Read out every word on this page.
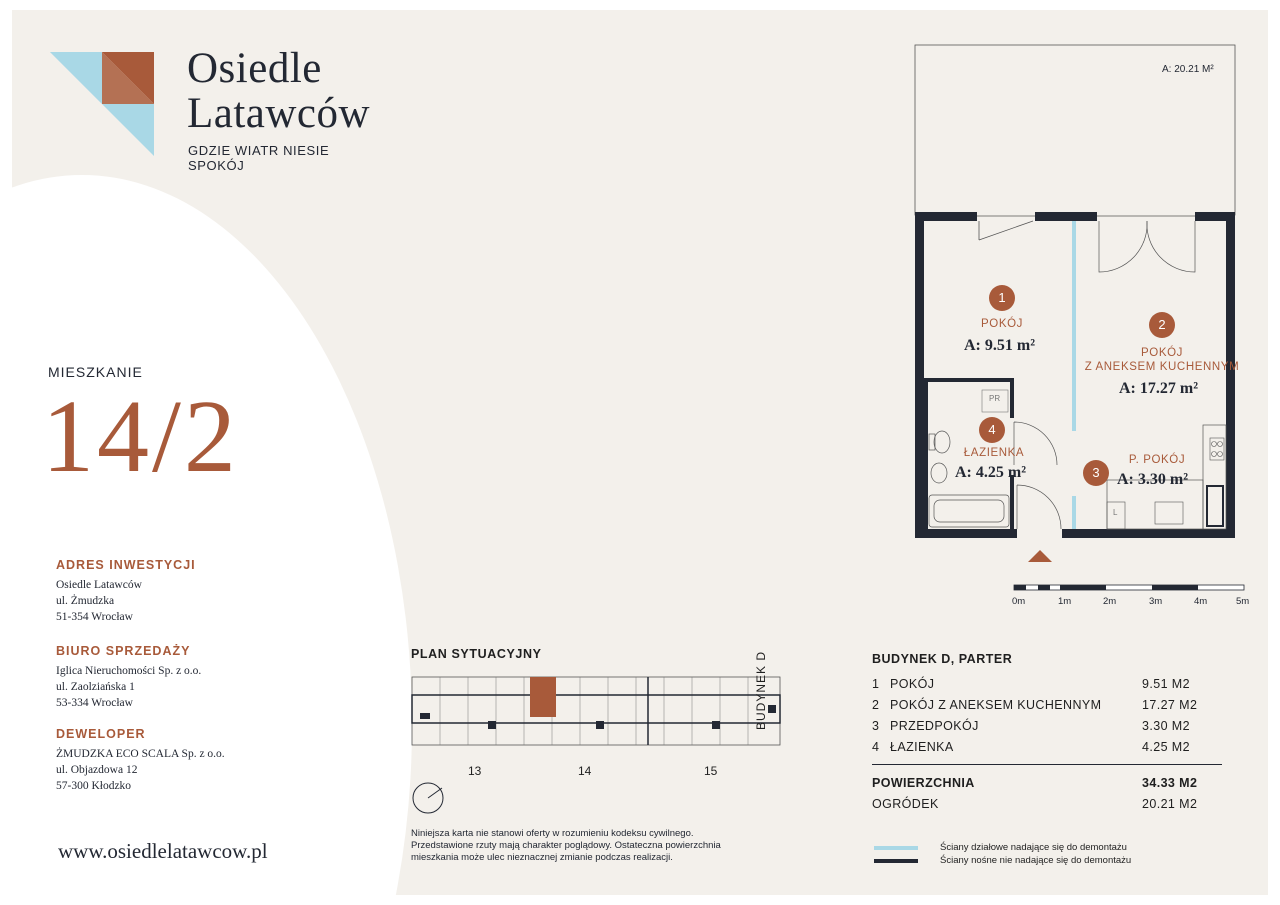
Osiedle
Latawców
GDZIE WIATR NIESIE SPOKÓJ
MIESZKANIE
14/2
ADRES INWESTYCJI
Osiedle Latawców
ul. Żmudzka
51-354 Wrocław
BIURO SPRZEDAŻY
Iglica Nieruchomości Sp. z o.o.
ul. Zaolziańska 1
53-334 Wrocław
DEWELOPER
ŻMUDZKA ECO SCALA Sp. z o.o.
ul. Objazdowa 12
57-300 Kłodzko
www.osiedlelatawcow.pl
A: 20.21 M²
1
POKÓJ
A: 9.51 m²
2
POKÓJ
Z ANEKSEM KUCHENNYM
A: 17.27 m²
3
P. POKÓJ
A: 3.30 m²
4
ŁAZIENKA
A: 4.25 m²
PR
L
0m	1m	2m	3m	4m	5m
PLAN SYTUACYJNY	BUDYNEK D
13	14	15
Niniejsza karta nie stanowi oferty w rozumieniu kodeksu cywilnego.
Przedstawione rzuty mają charakter poglądowy. Ostateczna powierzchnia
mieszkania może ulec nieznacznej zmianie podczas realizacji.
BUDYNEK D, PARTER
1 POKÓJ	9.51 M2
2 POKÓJ Z ANEKSEM KUCHENNYM	17.27 M2
3 PRZEDPOKÓJ	3.30 M2
4 ŁAZIENKA	4.25 M2
POWIERZCHNIA	34.33 M2
OGRÓDEK	20.21 M2
Ściany działowe nadające się do demontażu
Ściany nośne nie nadające się do demontażu
